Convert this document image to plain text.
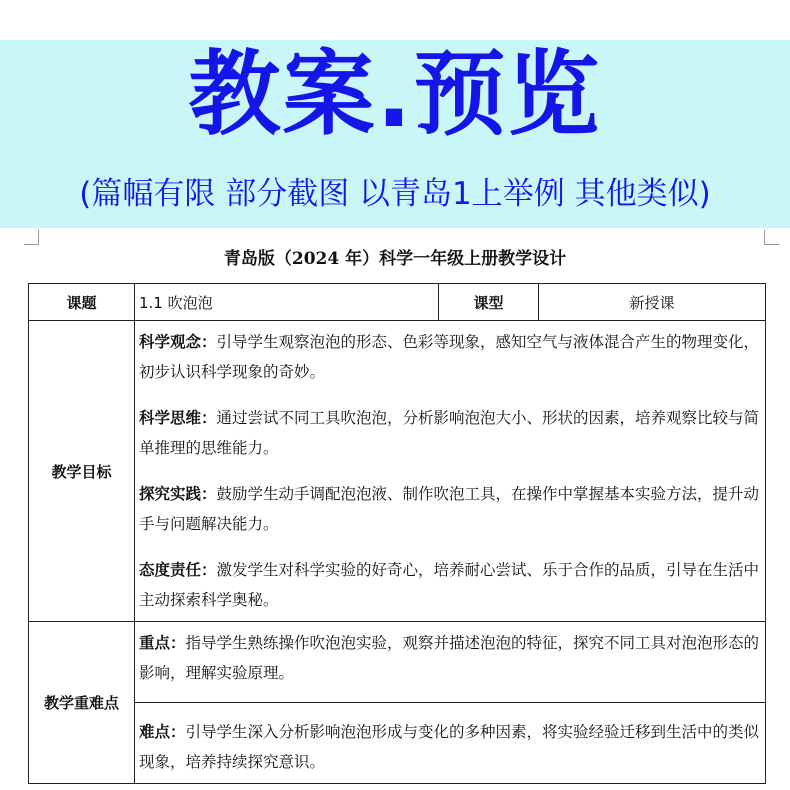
教案.预览
(篇幅有限 部分截图 以青岛1上举例 其他类似)
青岛版（2024 年）科学一年级上册教学设计
课题	1.1 吹泡泡	课型	新授课
教学目标	科学观念：引导学生观察泡泡的形态、色彩等现象，感知空气与液体混合产生的物理变化，初步认识科学现象的奇妙。
科学思维：通过尝试不同工具吹泡泡，分析影响泡泡大小、形状的因素，培养观察比较与简单推理的思维能力。
探究实践：鼓励学生动手调配泡泡液、制作吹泡工具，在操作中掌握基本实验方法，提升动手与问题解决能力。
态度责任：激发学生对科学实验的好奇心，培养耐心尝试、乐于合作的品质，引导在生活中主动探索科学奥秘。		

教学重难点	重点：指导学生熟练操作吹泡泡实验，观察并描述泡泡的特征，探究不同工具对泡泡形态的影响，理解实验原理。
难点：引导学生深入分析影响泡泡形成与变化的多种因素，将实验经验迁移到生活中的类似现象，培养持续探究意识。		
